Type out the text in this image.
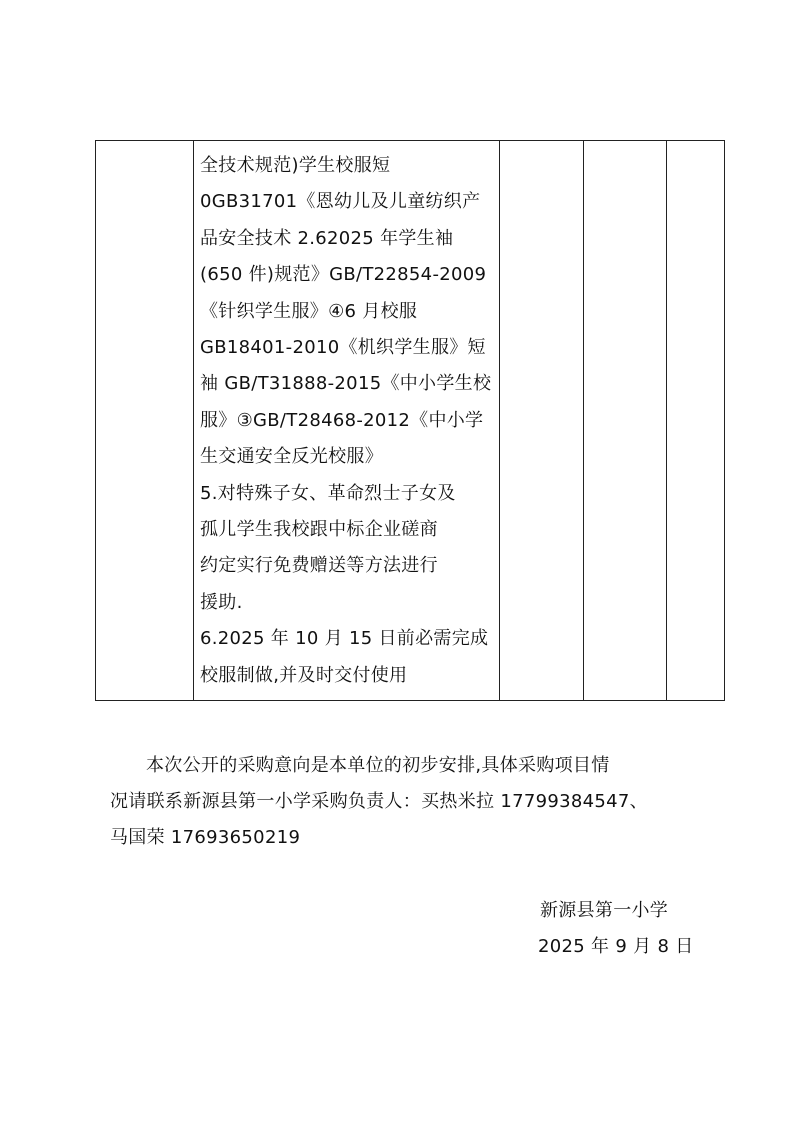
全技术规范)学生校服短
0GB31701《恩幼儿及儿童纺织产
品安全技术 2.62025 年学生袖
(650 件)规范》GB/T22854-2009
《针织学生服》④6 月校服
GB18401-2010《机织学生服》短
袖 GB/T31888-2015《中小学生校
服》③GB/T28468-2012《中小学
生交通安全反光校服》
5.对特殊子女、革命烈士子女及
孤儿学生我校跟中标企业磋商
约定实行免费赠送等方法进行
援助.
6.2025 年 10 月 15 日前必需完成
校服制做,并及时交付使用
本次公开的采购意向是本单位的初步安排,具体采购项目情
况请联系新源县第一小学采购负责人：买热米拉 17799384547、
马国荣 17693650219
新源县第一小学
2025 年 9 月 8 日
